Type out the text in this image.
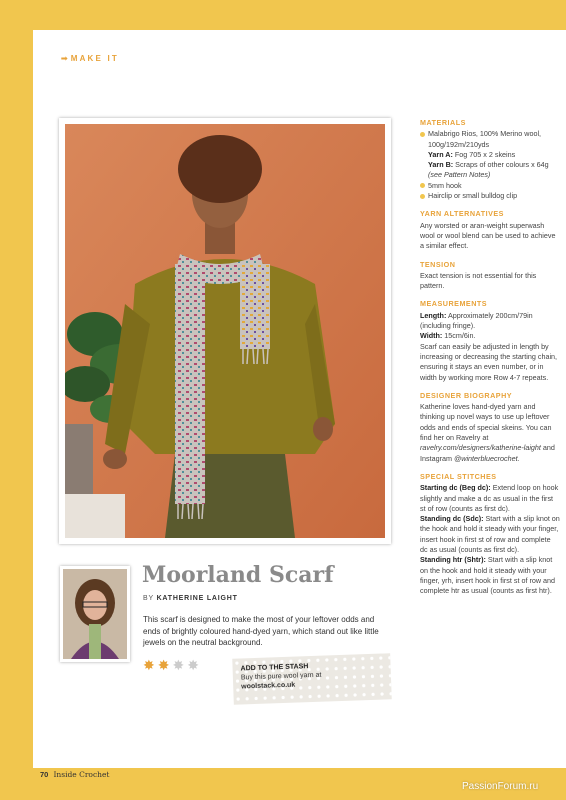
➟ MAKE IT
Moorland Scarf
BY KATHERINE LAIGHT
This scarf is designed to make the most of your leftover odds and ends of brightly coloured hand-dyed yarn, which stand out like little jewels on the neutral background.
✸ ✸ ✸ ✸	ADD TO THE STASH
Buy this pure wool yarn at
woolstack.co.uk
MATERIALS
Malabrigo Rios, 100% Merino wool, 100g/192m/210yds
Yarn A: Fog 705 x 2 skeins
Yarn B: Scraps of other colours x 64g (see Pattern Notes)
5mm hook
Hairclip or small bulldog clip
YARN ALTERNATIVES
Any worsted or aran-weight superwash wool or wool blend can be used to achieve a similar effect.
TENSION
Exact tension is not essential for this pattern.
MEASUREMENTS
Length: Approximately 200cm/79in (including fringe).
Width: 15cm/6in.
Scarf can easily be adjusted in length by increasing or decreasing the starting chain, ensuring it stays an even number, or in width by working more Row 4-7 repeats.
DESIGNER BIOGRAPHY
Katherine loves hand-dyed yarn and thinking up novel ways to use up leftover odds and ends of special skeins. You can find her on Ravelry at ravelry.com/designers/katherine-laight and Instagram @winterbluecrochet.
SPECIAL STITCHES
Starting dc (Beg dc): Extend loop on hook slightly and make a dc as usual in the first st of row (counts as first dc).
Standing dc (Sdc): Start with a slip knot on the hook and hold it steady with your finger, insert hook in first st of row and complete dc as usual (counts as first dc).
Standing htr (Shtr): Start with a slip knot on the hook and hold it steady with your finger, yrh, insert hook in first st of row and complete htr as usual (counts as first htr).
70 Inside Crochet
PassionForum.ru
